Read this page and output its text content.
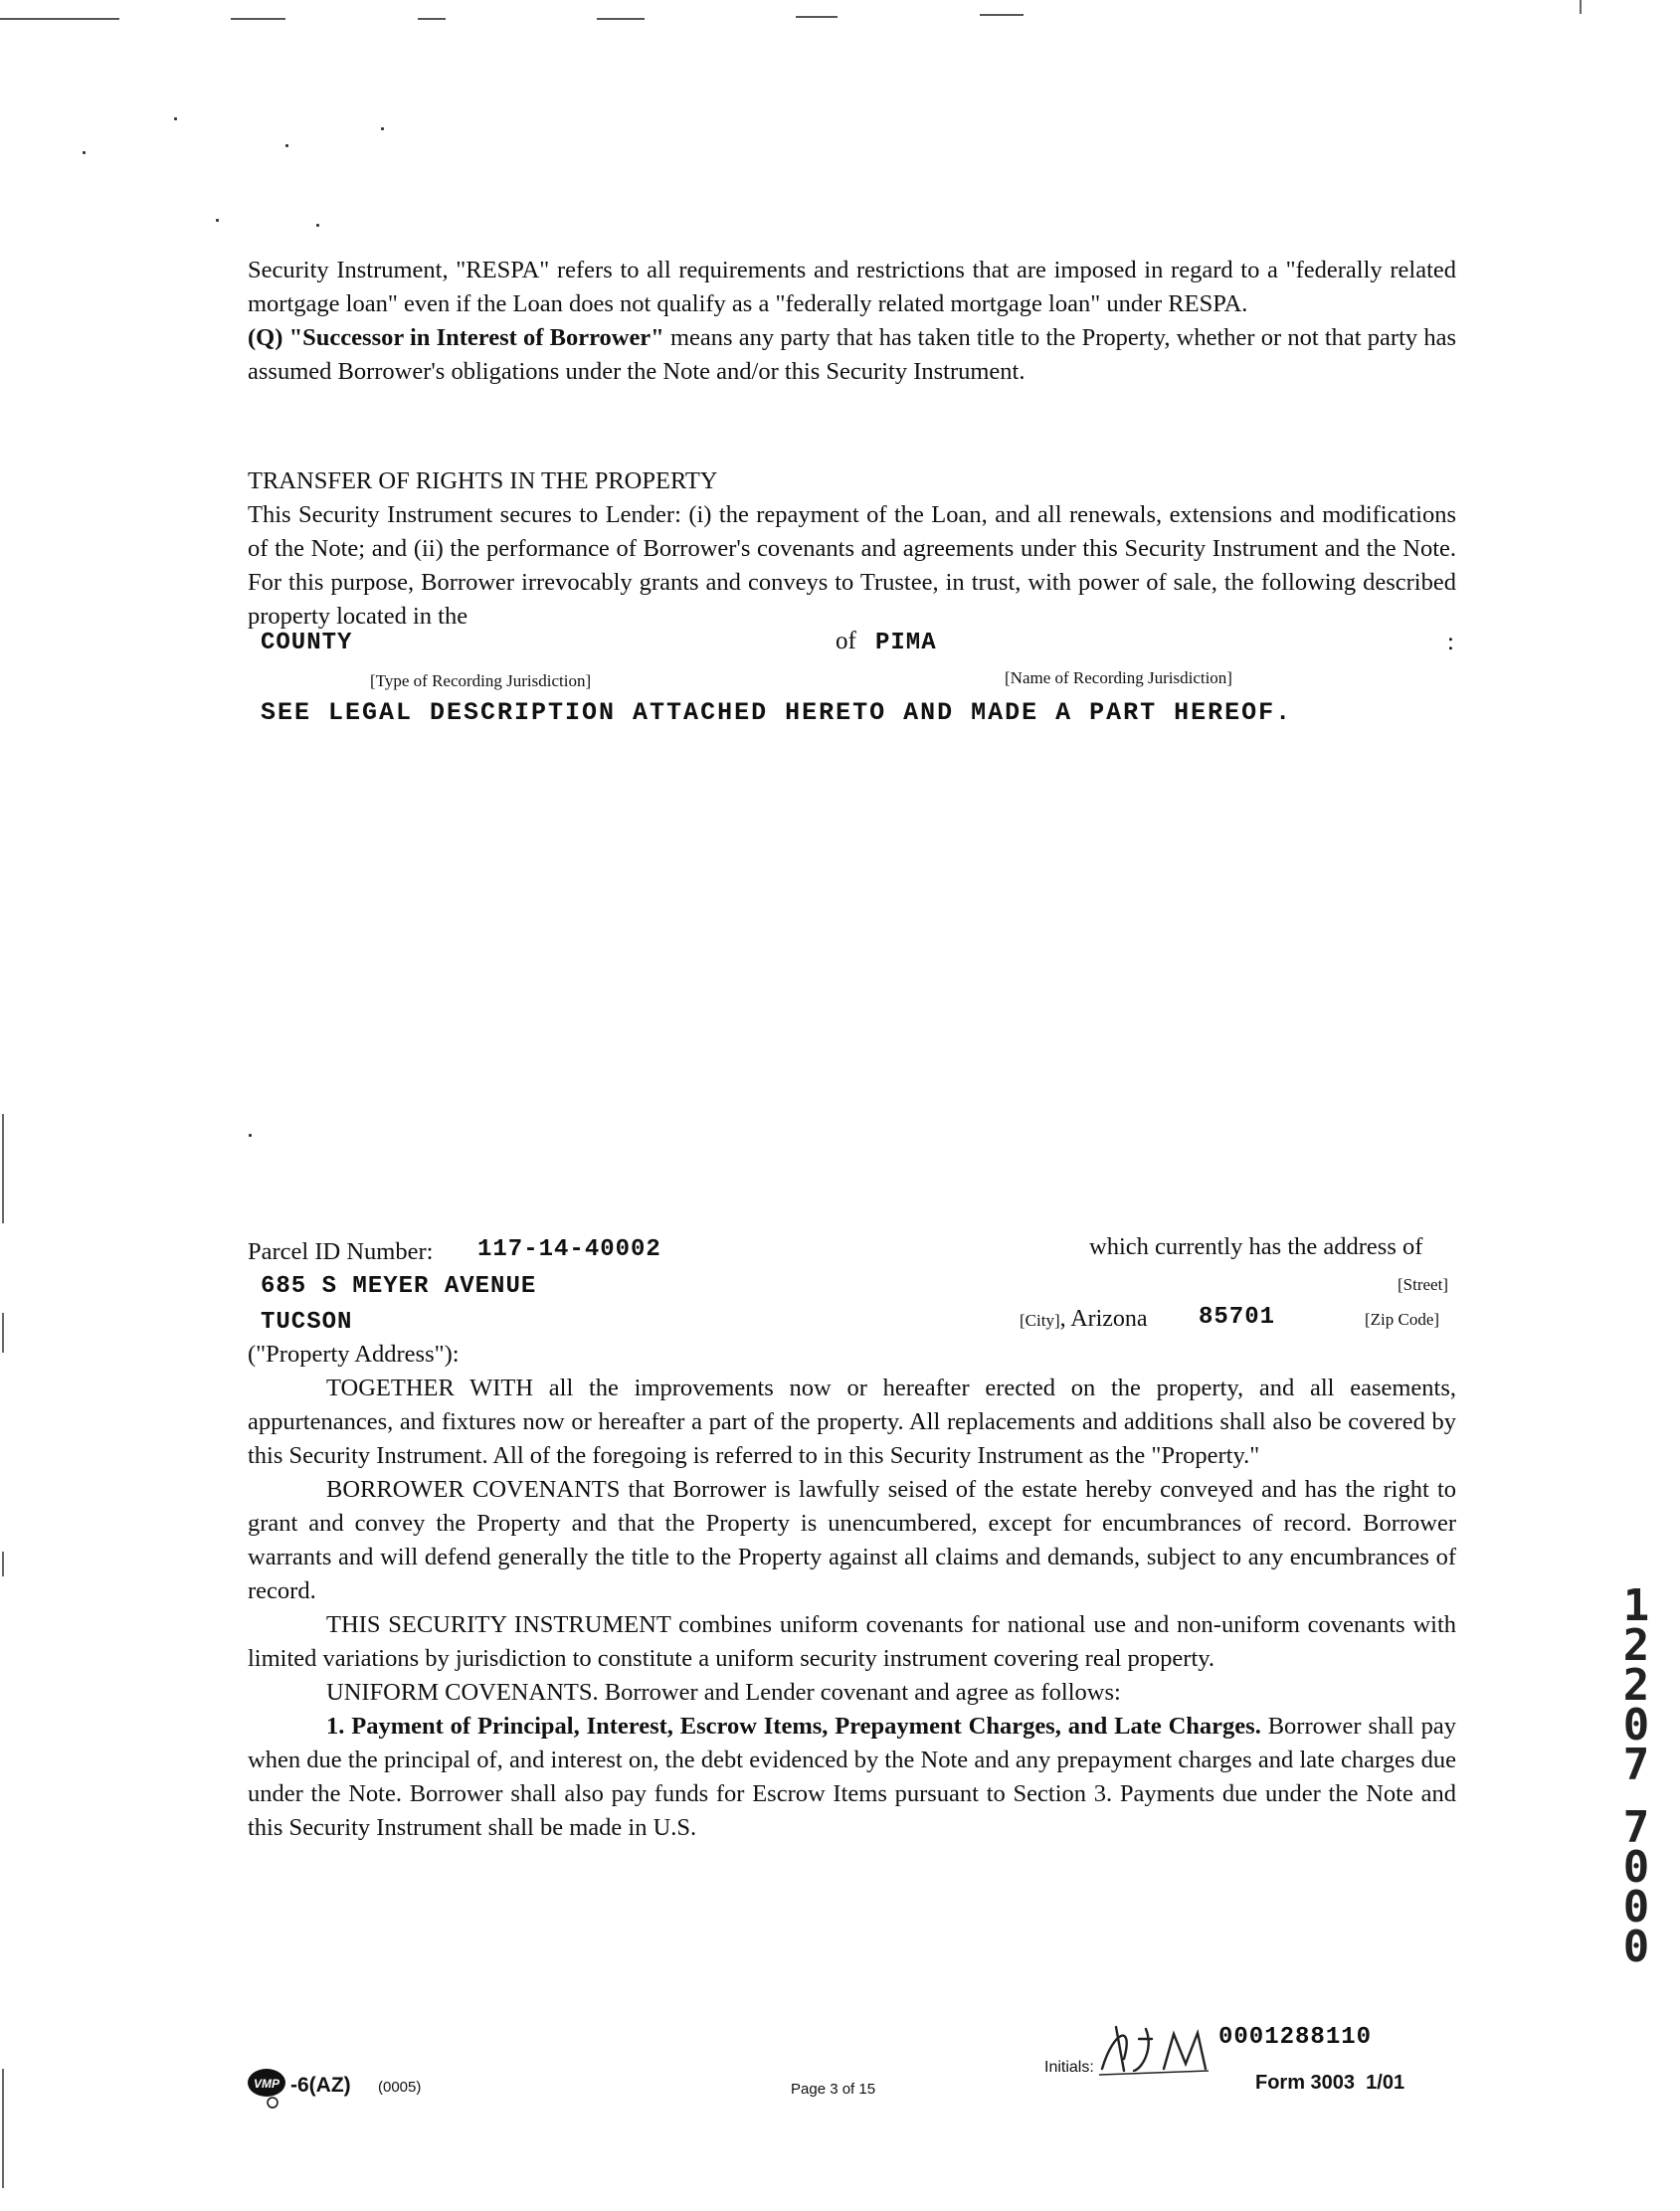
Security Instrument, "RESPA" refers to all requirements and restrictions that are imposed in regard to a "federally related mortgage loan" even if the Loan does not qualify as a "federally related mortgage loan" under RESPA.

(Q) "Successor in Interest of Borrower" means any party that has taken title to the Property, whether or not that party has assumed Borrower's obligations under the Note and/or this Security Instrument.

TRANSFER OF RIGHTS IN THE PROPERTY

This Security Instrument secures to Lender: (i) the repayment of the Loan, and all renewals, extensions and modifications of the Note; and (ii) the performance of Borrower's covenants and agreements under this Security Instrument and the Note. For this purpose, Borrower irrevocably grants and conveys to Trustee, in trust, with power of sale, the following described property located in the

COUNTY	of PIMA	:
[Type of Recording Jurisdiction]	[Name of Recording Jurisdiction]
SEE LEGAL DESCRIPTION ATTACHED HERETO AND MADE A PART HEREOF.
Parcel ID Number: 117-14-40002	which currently has the address of
685 S MEYER AVENUE	[Street]
TUCSON	[City], Arizona 85701	[Zip Code]

("Property Address"):

TOGETHER WITH all the improvements now or hereafter erected on the property, and all easements, appurtenances, and fixtures now or hereafter a part of the property. All replacements and additions shall also be covered by this Security Instrument. All of the foregoing is referred to in this Security Instrument as the "Property."

BORROWER COVENANTS that Borrower is lawfully seised of the estate hereby conveyed and has the right to grant and convey the Property and that the Property is unencumbered, except for encumbrances of record. Borrower warrants and will defend generally the title to the Property against all claims and demands, subject to any encumbrances of record.

THIS SECURITY INSTRUMENT combines uniform covenants for national use and non-uniform covenants with limited variations by jurisdiction to constitute a uniform security instrument covering real property.

UNIFORM COVENANTS. Borrower and Lender covenant and agree as follows:

1. Payment of Principal, Interest, Escrow Items, Prepayment Charges, and Late Charges. Borrower shall pay when due the principal of, and interest on, the debt evidenced by the Note and any prepayment charges and late charges due under the Note. Borrower shall also pay funds for Escrow Items pursuant to Section 3. Payments due under the Note and this Security Instrument shall be made in U.S.

0001288110
Initials:
VMP -6(AZ) (0005)	Page 3 of 15	Form 3003  1/01
1
2
2
0
7
7
0
0
0
